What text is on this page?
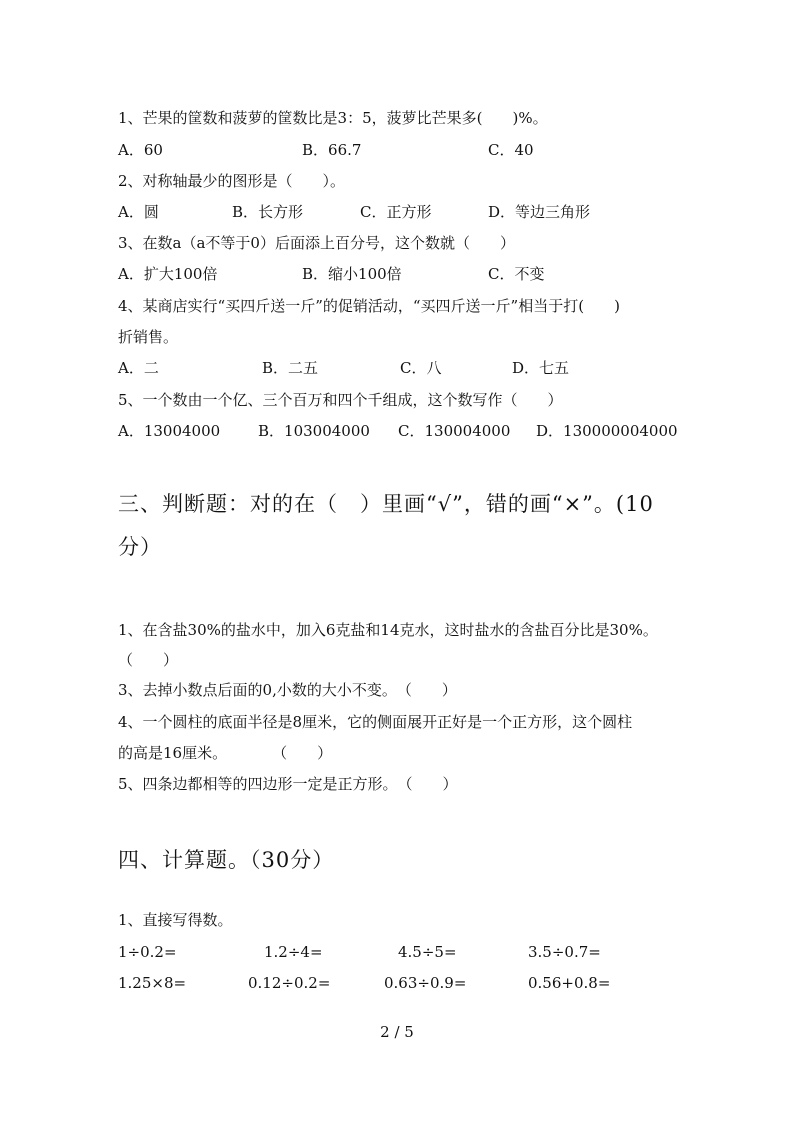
1、芒果的筐数和菠萝的筐数比是3：5，菠萝比芒果多(　　)%。
A．60	B．66.7	C．40
2、对称轴最少的图形是（　　）。
A．圆	B．长方形	C．正方形	D．等边三角形
3、在数a（a不等于0）后面添上百分号，这个数就（　　）
A．扩大100倍	B．缩小100倍	C．不变
4、某商店实行“买四斤送一斤”的促销活动，“买四斤送一斤”相当于打(　　)
折销售。
A．二	B．二五	C．八	D．七五
5、一个数由一个亿、三个百万和四个千组成，这个数写作（　　）
A．13004000	B．103004000 C．130004000 D．130000004000
三、判断题：对的在（　）里画“√”，错的画“×”。(10
分）
1、在含盐30%的盐水中，加入6克盐和14克水，这时盐水的含盐百分比是30%。
（　　）
3、去掉小数点后面的0,小数的大小不变。　（　　）
4、一个圆柱的底面半径是8厘米，它的侧面展开正好是一个正方形，这个圆柱
的高是16厘米。　　　　（　　）
5、四条边都相等的四边形一定是正方形。　（　　）
四、计算题。（30分）
1、直接写得数。
1÷0.2=	1.2÷4=	4.5÷5=	3.5÷0.7=
1.25×8=	0.12÷0.2=	0.63÷0.9=	0.56+0.8=
2 / 5
